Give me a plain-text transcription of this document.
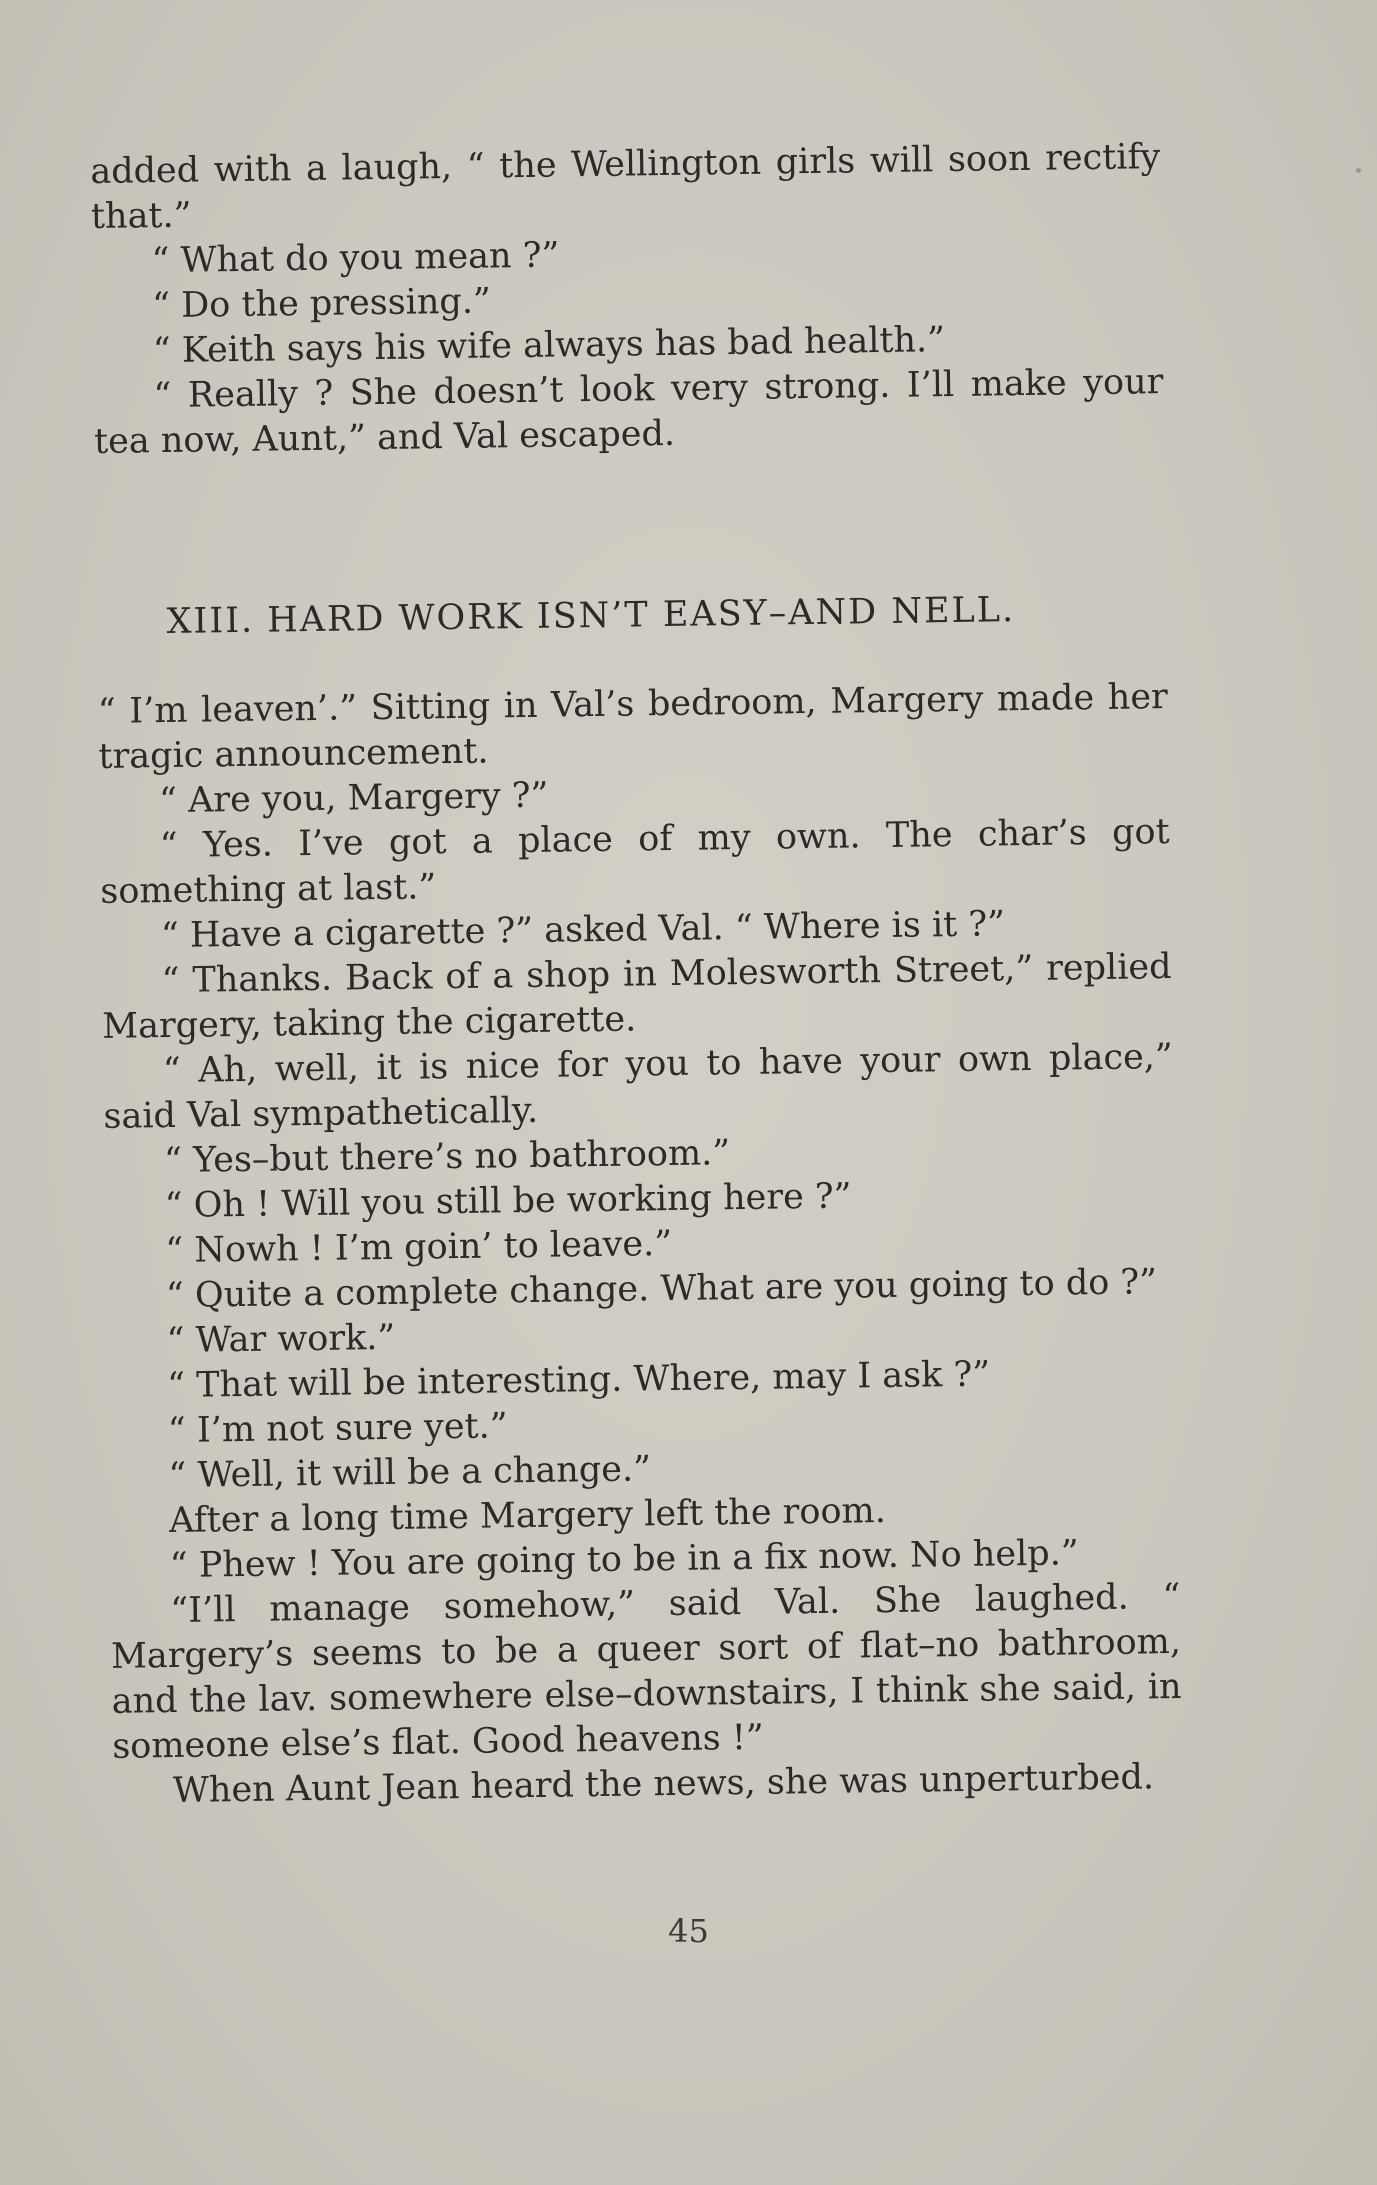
added with a laugh, “ the Wellington girls will soon rectify that.”

“ What do you mean ?”

“ Do the pressing.”

“ Keith says his wife always has bad health.”

“ Really ? She doesn’t look very strong. I’ll make your tea now, Aunt,” and Val escaped.

XIII. HARD WORK ISN’T EASY–AND NELL.

“ I’m leaven’.” Sitting in Val’s bedroom, Margery made her tragic announcement.

“ Are you, Margery ?”

“ Yes. I’ve got a place of my own. The char’s got something at last.”

“ Have a cigarette ?” asked Val. “ Where is it ?”

“ Thanks. Back of a shop in Molesworth Street,” replied Margery, taking the cigarette.

“ Ah, well, it is nice for you to have your own place,” said Val sympathetically.

“ Yes–but there’s no bathroom.”

“ Oh ! Will you still be working here ?”

“ Nowh ! I’m goin’ to leave.”

“ Quite a complete change. What are you going to do ?”

“ War work.”

“ That will be interesting. Where, may I ask ?”

“ I’m not sure yet.”

“ Well, it will be a change.”

After a long time Margery left the room.

“ Phew ! You are going to be in a fix now. No help.”

“I’ll manage somehow,” said Val. She laughed. “ Margery’s seems to be a queer sort of flat–no bathroom, and the lav. somewhere else–downstairs, I think she said, in someone else’s flat. Good heavens !”

When Aunt Jean heard the news, she was unperturbed.

45
